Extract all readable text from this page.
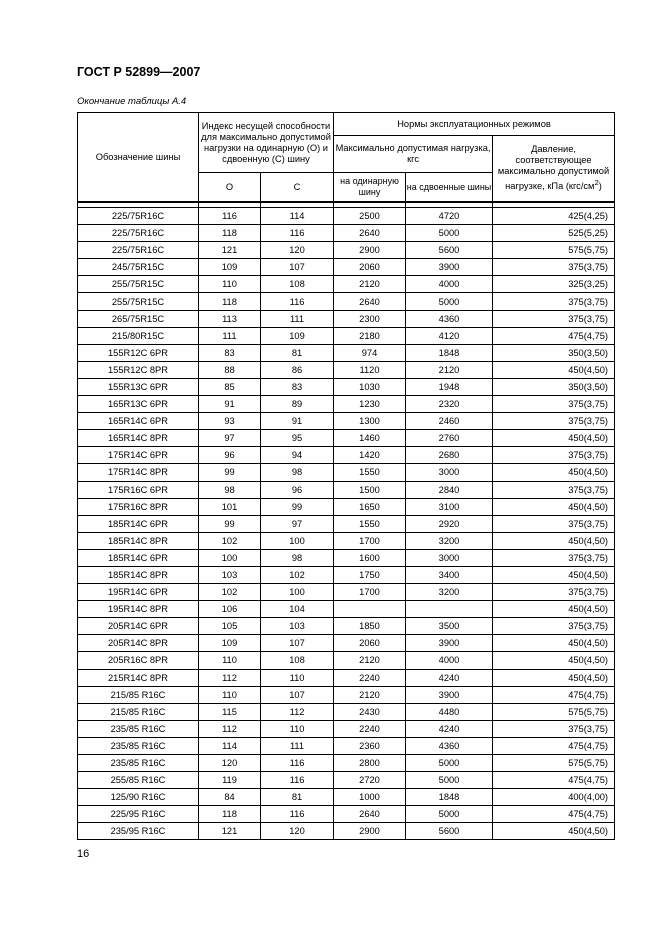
ГОСТ Р 52899—2007
Окончание таблицы А.4
Обозначение шины	Индекс несущей способности для максимально допустимой нагрузки на одинарную (О) и сдвоенную (С) шину		Нормы эксплуатационных режимов		
			Максимально допустимая нагрузка, кгс		Давление, соответствующее максимально допустимой нагрузке, кПа $(кгс/см^2)$
	О	С	на одинарную шину	на сдвоенные шины	

225/75R16C	116	114	2500	4720	425(4,25)
225/75R16C	118	116	2640	5000	525(5,25)
225/75R16C	121	120	2900	5600	575(5,75)
245/75R15C	109	107	2060	3900	375(3,75)
255/75R15C	110	108	2120	4000	325(3,25)
255/75R15C	118	116	2640	5000	375(3,75)
265/75R15C	113	111	2300	4360	375(3,75)
215/80R15C	111	109	2180	4120	475(4,75)
155R12C 6PR	83	81	974	1848	350(3,50)
155R12C 8PR	88	86	1120	2120	450(4,50)
155R13C 6PR	85	83	1030	1948	350(3,50)
165R13C 6PR	91	89	1230	2320	375(3,75)
165R14C 6PR	93	91	1300	2460	375(3,75)
165R14C 8PR	97	95	1460	2760	450(4,50)
175R14C 6PR	96	94	1420	2680	375(3,75)
175R14C 8PR	99	98	1550	3000	450(4,50)
175R16C 6PR	98	96	1500	2840	375(3,75)
175R16C 8PR	101	99	1650	3100	450(4,50)
185R14C 6PR	99	97	1550	2920	375(3,75)
185R14C 8PR	102	100	1700	3200	450(4,50)
185R14C 6PR	100	98	1600	3000	375(3,75)
185R14C 8PR	103	102	1750	3400	450(4,50)
195R14C 6PR	102	100	1700	3200	375(3,75)
195R14C 8PR	106	104			450(4,50)
205R14C 6PR	105	103	1850	3500	375(3,75)
205R14C 8PR	109	107	2060	3900	450(4,50)
205R16C 8PR	110	108	2120	4000	450(4,50)
215R14C 8PR	112	110	2240	4240	450(4,50)
215/85 R16C	110	107	2120	3900	475(4,75)
215/85 R16C	115	112	2430	4480	575(5,75)
235/85 R16C	112	110	2240	4240	375(3,75)
235/85 R16C	114	111	2360	4360	475(4,75)
235/85 R16C	120	116	2800	5000	575(5,75)
255/85 R16C	119	116	2720	5000	475(4,75)
125/90 R16C	84	81	1000	1848	400(4,00)
225/95 R16C	118	116	2640	5000	475(4,75)
235/95 R16C	121	120	2900	5600	450(4,50)
16
